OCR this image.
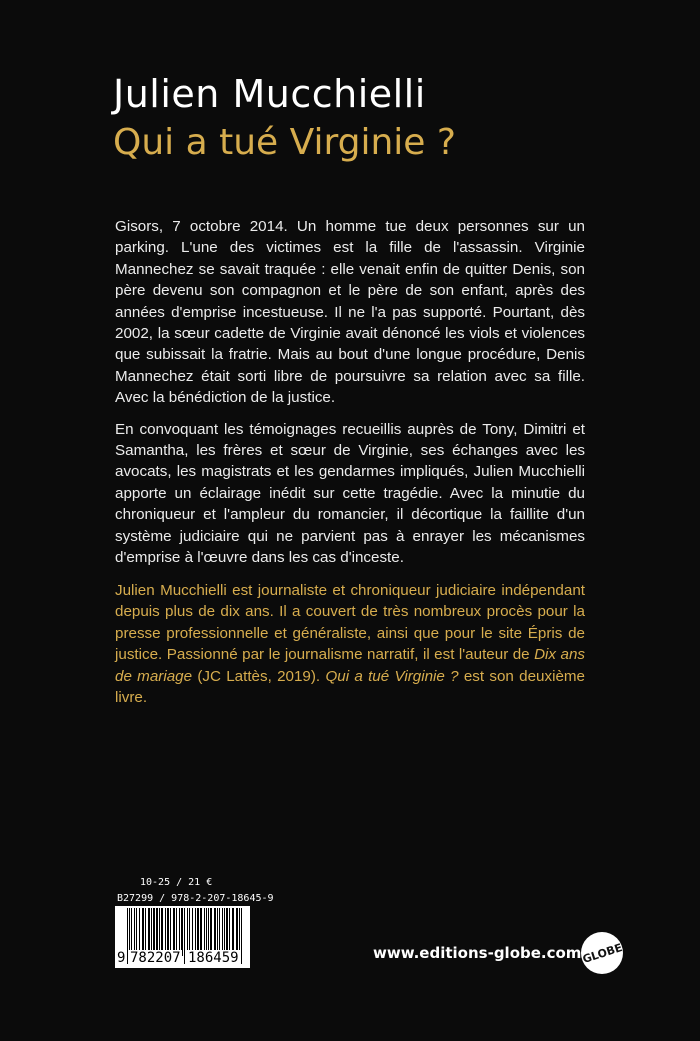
Julien Mucchielli
Qui a tué Virginie ?

Gisors, 7 octobre 2014. Un homme tue deux personnes sur un parking. L'une des victimes est la fille de l'assassin. Virginie Mannechez se savait traquée : elle venait enfin de quitter Denis, son père devenu son compagnon et le père de son enfant, après des années d'emprise incestueuse. Il ne l'a pas supporté. Pourtant, dès 2002, la sœur cadette de Virginie avait dénoncé les viols et violences que subissait la fratrie. Mais au bout d'une longue procédure, Denis Mannechez était sorti libre de poursuivre sa relation avec sa fille. Avec la bénédiction de la justice.

En convoquant les témoignages recueillis auprès de Tony, Dimitri et Samantha, les frères et sœur de Virginie, ses échanges avec les avocats, les magistrats et les gendarmes impliqués, Julien Mucchielli apporte un éclairage inédit sur cette tragédie. Avec la minutie du chroniqueur et l'ampleur du romancier, il décortique la faillite d'un système judiciaire qui ne parvient pas à enrayer les mécanismes d'emprise à l'œuvre dans les cas d'inceste.

Julien Mucchielli est journaliste et chroniqueur judiciaire indépendant depuis plus de dix ans. Il a couvert de très nombreux procès pour la presse professionnelle et généraliste, ainsi que pour le site Épris de justice. Passionné par le journalisme narratif, il est l'auteur de Dix ans de mariage (JC Lattès, 2019). Qui a tué Virginie ? est son deuxième livre.

10-25 / 21 €
B27299 / 978-2-207-18645-9
9 782207 186459	www.editions-globe.com GLOBE
